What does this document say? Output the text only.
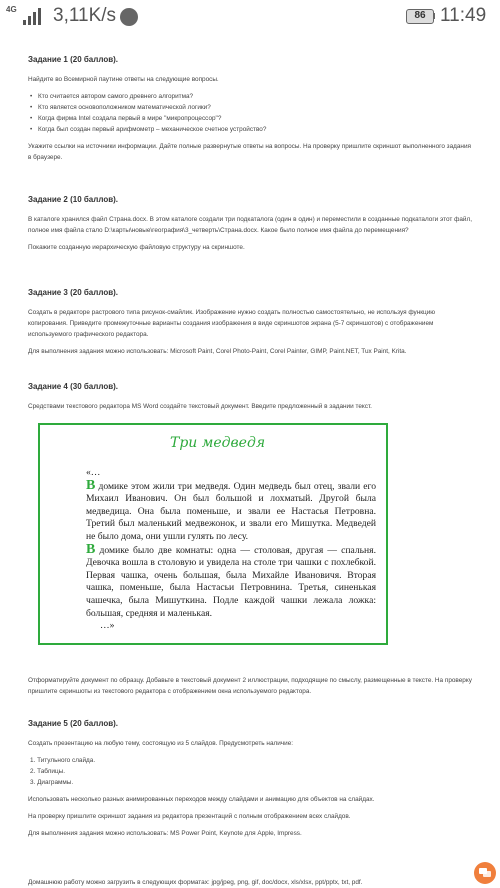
4G 3,11K/s	86 11:49
Задание 1 (20 баллов).

Найдите во Всемирной паутине ответы на следующие вопросы.

• Кто считается автором самого древнего алгоритма?
• Кто является основоположником математической логики?
• Когда фирма Intel создала первый в мире "микропроцессор"?
• Когда был создан первый арифмометр – механическое счетное устройство?

Укажите ссылки на источники информации. Дайте полные развернутые ответы на вопросы. На проверку пришлите скриншот выполненного задания в браузере.

Задание 2 (10 баллов).

В каталоге хранился файл Страна.docx. В этом каталоге создали три подкаталога (один в один) и переместили в созданные подкаталоги этот файл, полное имя файла стало D:\карты\новые\география\3_четверть\Страна.docx. Какое было полное имя файла до перемещения?

Покажите созданную иерархическую файловую структуру на скриншоте.

Задание 3 (20 баллов).

Создать в редакторе растрового типа рисунок-смайлик. Изображение нужно создать полностью самостоятельно, не используя функцию копирования. Приведите промежуточные варианты создания изображения в виде скриншотов экрана (5-7 скриншотов) с отображением используемого графического редактора.

Для выполнения задания можно использовать: Microsoft Paint, Corel Photo-Paint, Corel Painter, GIMP, Paint.NET, Tux Paint, Krita.

Задание 4 (30 баллов).

Средствами текстового редактора MS Word создайте текстовый документ. Введите предложенный в задании текст.

Три медведя
«…
В домике этом жили три медведя. Один медведь был отец, звали его Михаил Иванович. Он был большой и лохматый. Другой была медведица. Она была поменьше, и звали ее Настасья Петровна. Третий был маленький медвежонок, и звали его Мишутка. Медведей не было дома, они ушли гулять по лесу.
В домике было две комнаты: одна — столовая, другая — спальня. Девочка вошла в столовую и увидела на столе три чашки с похлебкой. Первая чашка, очень большая, была Михайле Ивановичя. Вторая чашка, поменьше, была Настасьи Петровнина. Третья, синенькая чашечка, была Мишуткина. Подле каждой чашки лежала ложка: большая, средняя и маленькая.
…»

Отформатируйте документ по образцу. Добавьте в текстовый документ 2 иллюстрации, подходящие по смыслу, размещенные в тексте. На проверку пришлите скриншоты из текстового редактора с отображением окна используемого редактора.

Задание 5 (20 баллов).

Создать презентацию на любую тему, состоящую из 5 слайдов. Предусмотреть наличие:

1. Титульного слайда.
2. Таблицы.
3. Диаграммы.

Использовать несколько разных анимированных переходов между слайдами и анимацию для объектов на слайдах.

На проверку пришлите скриншот задания из редактора презентаций с полным отображением всех слайдов.

Для выполнения задания можно использовать: MS Power Point, Keynote для Apple, Impress.

Домашнюю работу можно загрузить в следующих форматах: jpg/jpeg, png, gif, doc/docx, xls/xlsx, ppt/pptx, txt, pdf.
